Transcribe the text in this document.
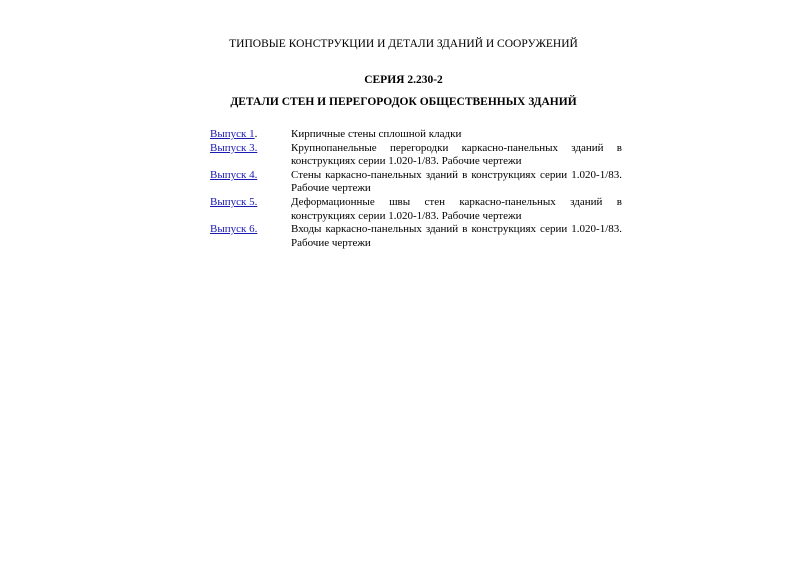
ТИПОВЫЕ КОНСТРУКЦИИ И ДЕТАЛИ ЗДАНИЙ И СООРУЖЕНИЙ
СЕРИЯ 2.230-2
ДЕТАЛИ СТЕН И ПЕРЕГОРОДОК ОБЩЕСТВЕННЫХ ЗДАНИЙ
Выпуск 1.	Кирпичные стены сплошной кладки
Выпуск 3.	Крупнопанельные перегородки каркасно-панельных зданий в конструкциях серии 1.020-1/83. Рабочие чертежи
Выпуск 4.	Стены каркасно-панельных зданий в конструкциях серии 1.020-1/83. Рабочие чертежи
Выпуск 5.	Деформационные швы стен каркасно-панельных зданий в конструкциях серии 1.020-1/83. Рабочие чертежи
Выпуск 6.	Входы каркасно-панельных зданий в конструкциях серии 1.020-1/83. Рабочие чертежи
